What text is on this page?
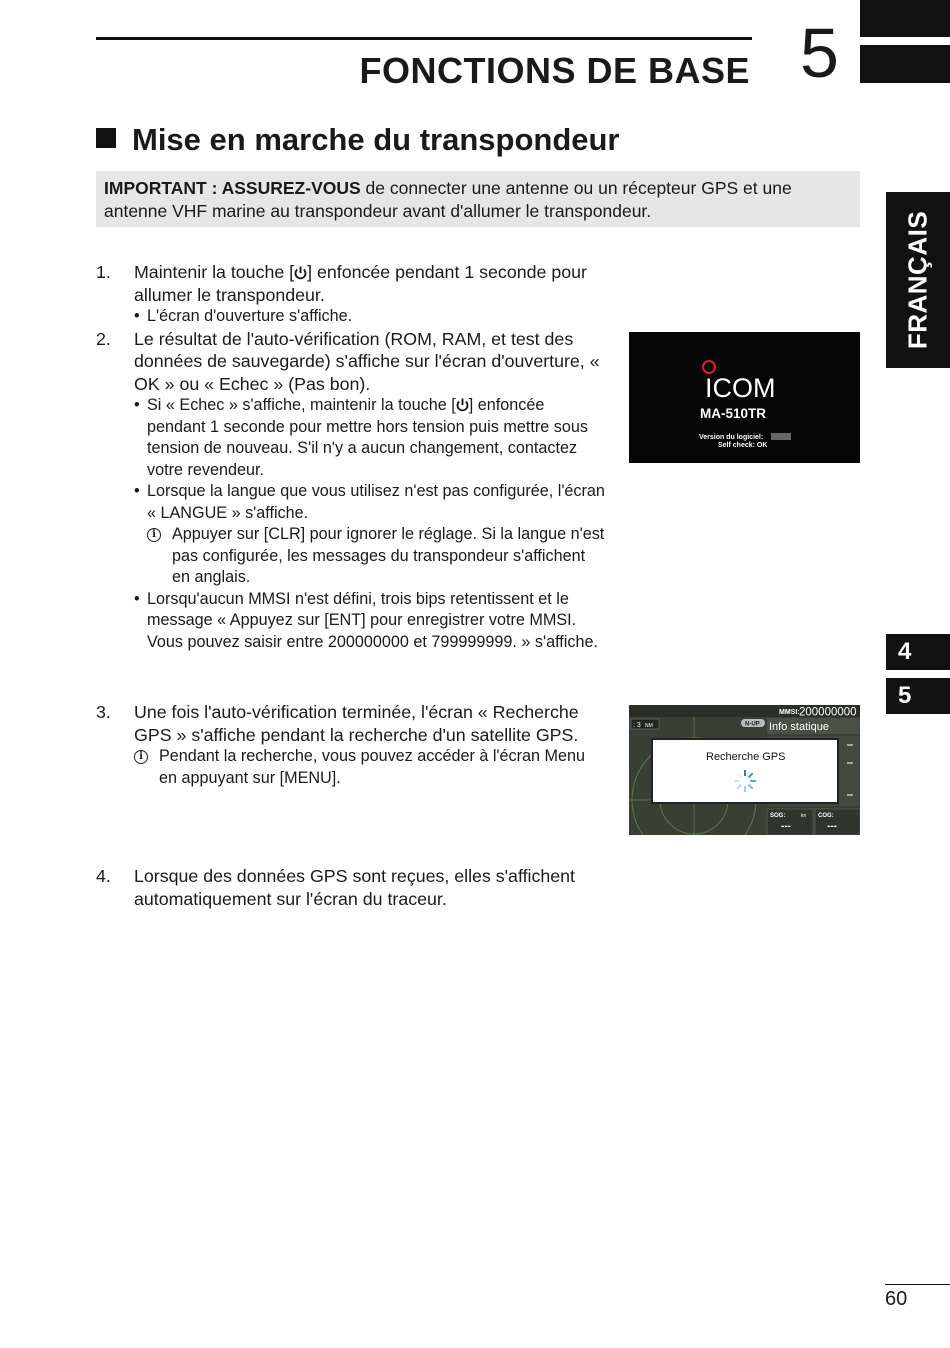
FONCTIONS DE BASE 5
Mise en marche du transpondeur
IMPORTANT : ASSUREZ-VOUS de connecter une antenne ou un récepteur GPS et une antenne VHF marine au transpondeur avant d'allumer le transpondeur.	FRANÇAIS
4
5
1. Maintenir la touche [ ] enfoncée pendant 1 seconde pour allumer le transpondeur.
• L'écran d'ouverture s'affiche.
2. Le résultat de l'auto-vérification (ROM, RAM, et test des données de sauvegarde) s'affiche sur l'écran d'ouverture, « OK » ou « Echec » (Pas bon).
• Si « Echec » s'affiche, maintenir la touche [ ] enfoncée pendant 1 seconde pour mettre hors tension puis mettre sous tension de nouveau. S'il n'y a aucun changement, contactez votre revendeur.
• Lorsque la langue que vous utilisez n'est pas configurée, l'écran « LANGUE » s'affiche.
i Appuyer sur [CLR] pour ignorer le réglage. Si la langue n'est pas configurée, les messages du transpondeur s'affichent en anglais.
• Lorsqu'aucun MMSI n'est défini, trois bips retentissent et le message « Appuyez sur [ENT] pour enregistrer votre MMSI. Vous pouvez saisir entre 200000000 et 799999999. » s'affiche.
3. Une fois l'auto-vérification terminée, l'écran « Recherche GPS » s'affiche pendant la recherche d'un satellite GPS.
i Pendant la recherche, vous pouvez accéder à l'écran Menu en appuyant sur [MENU].
4. Lorsque des données GPS sont reçues, elles s'affichent automatiquement sur l'écran du traceur.
ICOM
MA-510TR
Version du logiciel:
Self check: OK
MMSI: 200000000
: 3 NM	N-UP Info statique
SOG:	kn
---
COG:
---
Recherche GPS
60
